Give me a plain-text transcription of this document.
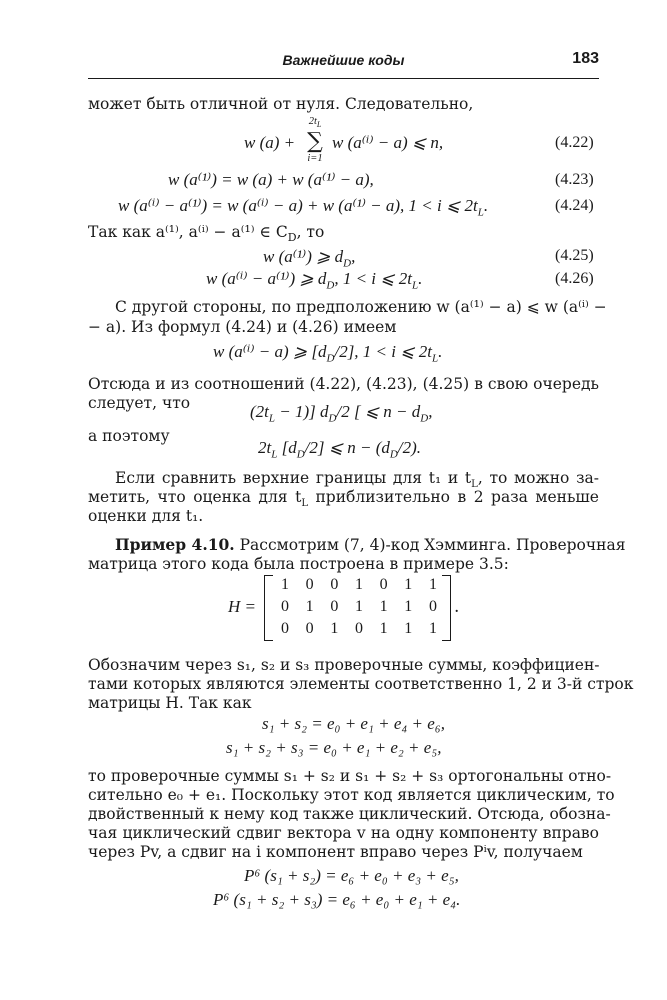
Важнейшие коды	183
может быть отличной от нуля. Следовательно,
w (a) +
$2t_L$
∑
i=1
w (a⁽ⁱ⁾ − a) ⩽ n,	(4.22)
w (a⁽¹⁾) = w (a) + w (a⁽¹⁾ − a),	(4.23)
w (a⁽ⁱ⁾ − a⁽¹⁾) = w (a⁽ⁱ⁾ − a) + w (a⁽¹⁾ − a), 1 < i ⩽ $2t_L$.	(4.24)
Так как a⁽¹⁾, a⁽ⁱ⁾ − a⁽¹⁾ ∈ $C_D$, то
w (a⁽¹⁾) ⩾ $d_D$,	(4.25)
w (a⁽ⁱ⁾ − a⁽¹⁾) ⩾ $d_D$, 1 < i ⩽ $2t_L$.	(4.26)
С другой стороны, по предположению w (a⁽¹⁾ − a) ⩽ w (a⁽ⁱ⁾ −
− a). Из формул (4.24) и (4.26) имеем
w (a⁽ⁱ⁾ − a) ⩾ $[d_D/2]$, 1 < i ⩽ $2t_L$.
Отсюда и из соотношений (4.22), (4.23), (4.25) в свою очередь
следует, что	$(2t_L - 1)$] $d_D/2$ [ ⩽ $n - d_D$,
а поэтому
$2t_L$ $[d_D/2]$ ⩽ $n - (d_D/2)$.
Если сравнить верхние границы для t₁ и $t_L$, то можно за-
метить, что оценка для $t_L$ приблизительно в 2 раза меньше
оценки для t₁.
Пример 4.10. Рассмотрим (7, 4)-код Хэмминга. Проверочная
матрица этого кода была построена в примере 3.5:
H =
1	0	0	1	0	1	1
0	1	0	1	1	1	0
0	0	1	0	1	1	1
.
Обозначим через s₁, s₂ и s₃ проверочные суммы, коэффициен-
тами которых являются элементы соответственно 1, 2 и 3-й строк
матрицы H. Так как
s₁ + s₂ = e₀ + e₁ + e₄ + e₆,
s₁ + s₂ + s₃ = e₀ + e₁ + e₂ + e₅,
то проверочные суммы s₁ + s₂ и s₁ + s₂ + s₃ ортогональны отно-
сительно e₀ + e₁. Поскольку этот код является циклическим, то
двойственный к нему код также циклический. Отсюда, обозна-
чая циклический сдвиг вектора v на одну компоненту вправо
через Pv, а сдвиг на i компонент вправо через Pⁱv, получаем
P⁶ (s₁ + s₂) = e₆ + e₀ + e₃ + e₅,
P⁶ (s₁ + s₂ + s₃) = e₆ + e₀ + e₁ + e₄.
